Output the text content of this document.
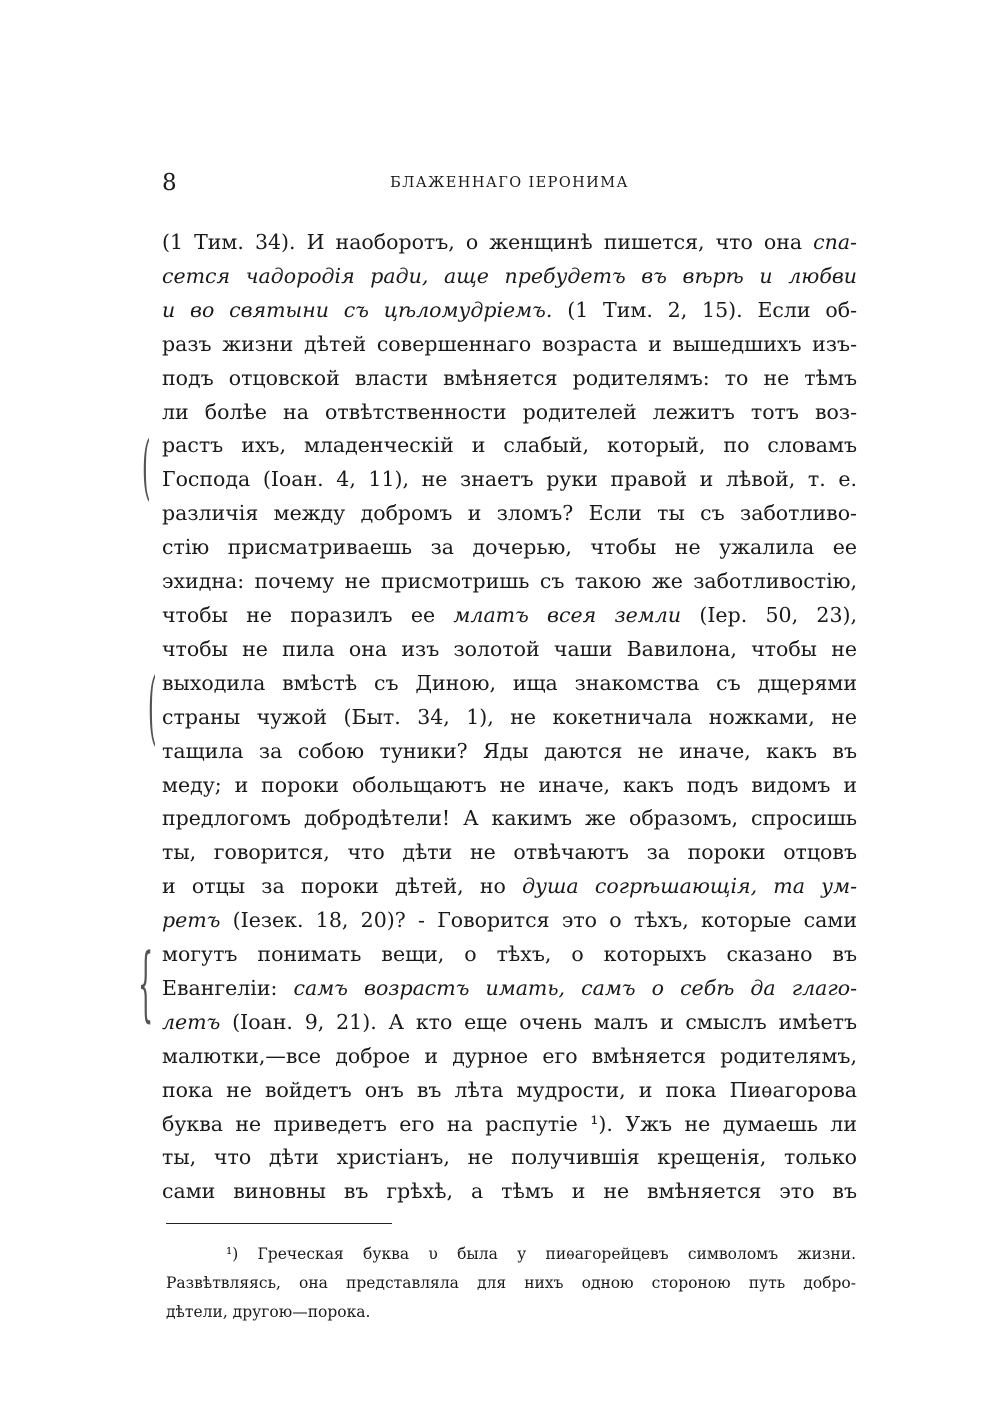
8	БЛАЖЕННАГО ІЕРОНИМА
(1 Тим. 34). И наоборотъ, о женщинѣ пишется, что она спа-
сется чадородія ради, аще пребудетъ въ вѣрѣ и любви
и во святыни съ цѣломудріемъ. (1 Тим. 2, 15). Если об-
разъ жизни дѣтей совершеннаго возраста и вышедшихъ изъ-
подъ отцовской власти вмѣняется родителямъ: то не тѣмъ
ли болѣе на отвѣтственности родителей лежитъ тотъ воз-
растъ ихъ, младенческій и слабый, который, по словамъ
Господа (Іоан. 4, 11), не знаетъ руки правой и лѣвой, т. е.
различія между добромъ и зломъ? Если ты съ заботливо-
стію присматриваешь за дочерью, чтобы не ужалила ее
эхидна: почему не присмотришь съ такою же заботливостію,
чтобы не поразилъ ее млатъ всея земли (Іер. 50, 23),
чтобы не пила она изъ золотой чаши Вавилона, чтобы не
выходила вмѣстѣ съ Диною, ища знакомства съ дщерями
страны чужой (Быт. 34, 1), не кокетничала ножками, не
тащила за собою туники? Яды даются не иначе, какъ въ
меду; и пороки обольщаютъ не иначе, какъ подъ видомъ и
предлогомъ добродѣтели! А какимъ же образомъ, спросишь
ты, говорится, что дѣти не отвѣчаютъ за пороки отцовъ
и отцы за пороки дѣтей, но душа согрѣшающія, та ум-
ретъ (Іезек. 18, 20)? - Говорится это о тѣхъ, которые сами
могутъ понимать вещи, о тѣхъ, о которыхъ сказано въ
Евангеліи: самъ возрастъ имать, самъ о себѣ да глаго-
летъ (Іоан. 9, 21). А кто еще очень малъ и смыслъ имѣетъ
малютки,—все доброе и дурное его вмѣняется родителямъ,
пока не войдетъ онъ въ лѣта мудрости, и пока Пиѳагорова
буква не приведетъ его на распутіе ¹). Ужъ не думаешь ли
ты, что дѣти христіанъ, не получившія крещенія, только
сами виновны въ грѣхѣ, а тѣмъ и не вмѣняется это въ
(
(
{
¹) Греческая буква υ была у пиѳагорейцевъ символомъ жизни.
Развѣтвляясь, она представляла для нихъ одною стороною путь добро-
дѣтели, другою—порока.
